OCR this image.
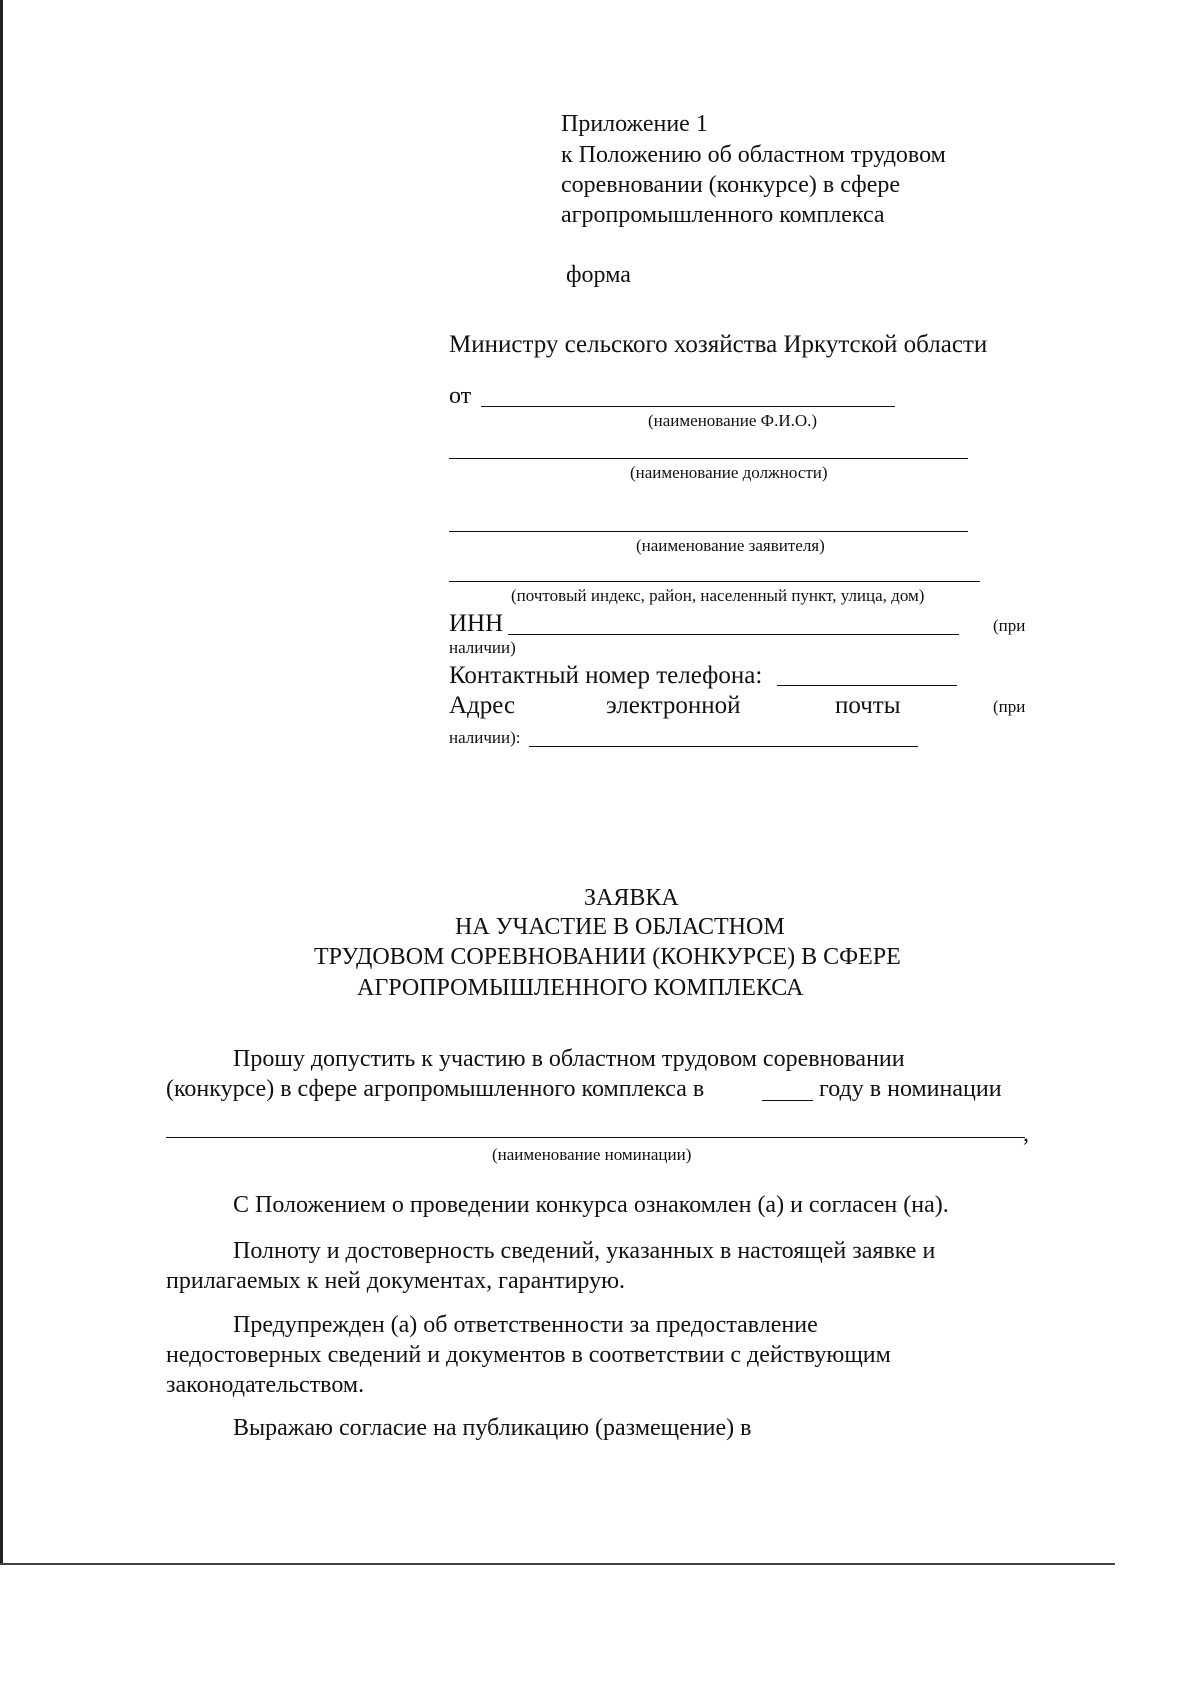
Приложение 1
к Положению об областном трудовом
соревновании (конкурсе) в сфере
агропромышленного комплекса
форма
Министру сельского хозяйства Иркутской области
от
(наименование Ф.И.О.)
(наименование должности)
(наименование заявителя)
(почтовый индекс, район, населенный пункт, улица, дом)
ИНН	(при
наличии)
Контактный номер телефона:
Адрес	электронной	почты	(при
наличии):
ЗАЯВКА
НА УЧАСТИЕ В ОБЛАСТНОМ
ТРУДОВОМ СОРЕВНОВАНИИ (КОНКУРСЕ) В СФЕРЕ
АГРОПРОМЫШЛЕННОГО КОМПЛЕКСА
Прошу допустить к участию в областном трудовом соревновании
(конкурсе) в сфере агропромышленного комплекса в	году в номинации
,
(наименование номинации)
С Положением о проведении конкурса ознакомлен (а) и согласен (на).
Полноту и достоверность сведений, указанных в настоящей заявке и
прилагаемых к ней документах, гарантирую.
Предупрежден (а) об ответственности за предоставление
недостоверных сведений и документов в соответствии с действующим
законодательством.
Выражаю согласие на публикацию (размещение) в
